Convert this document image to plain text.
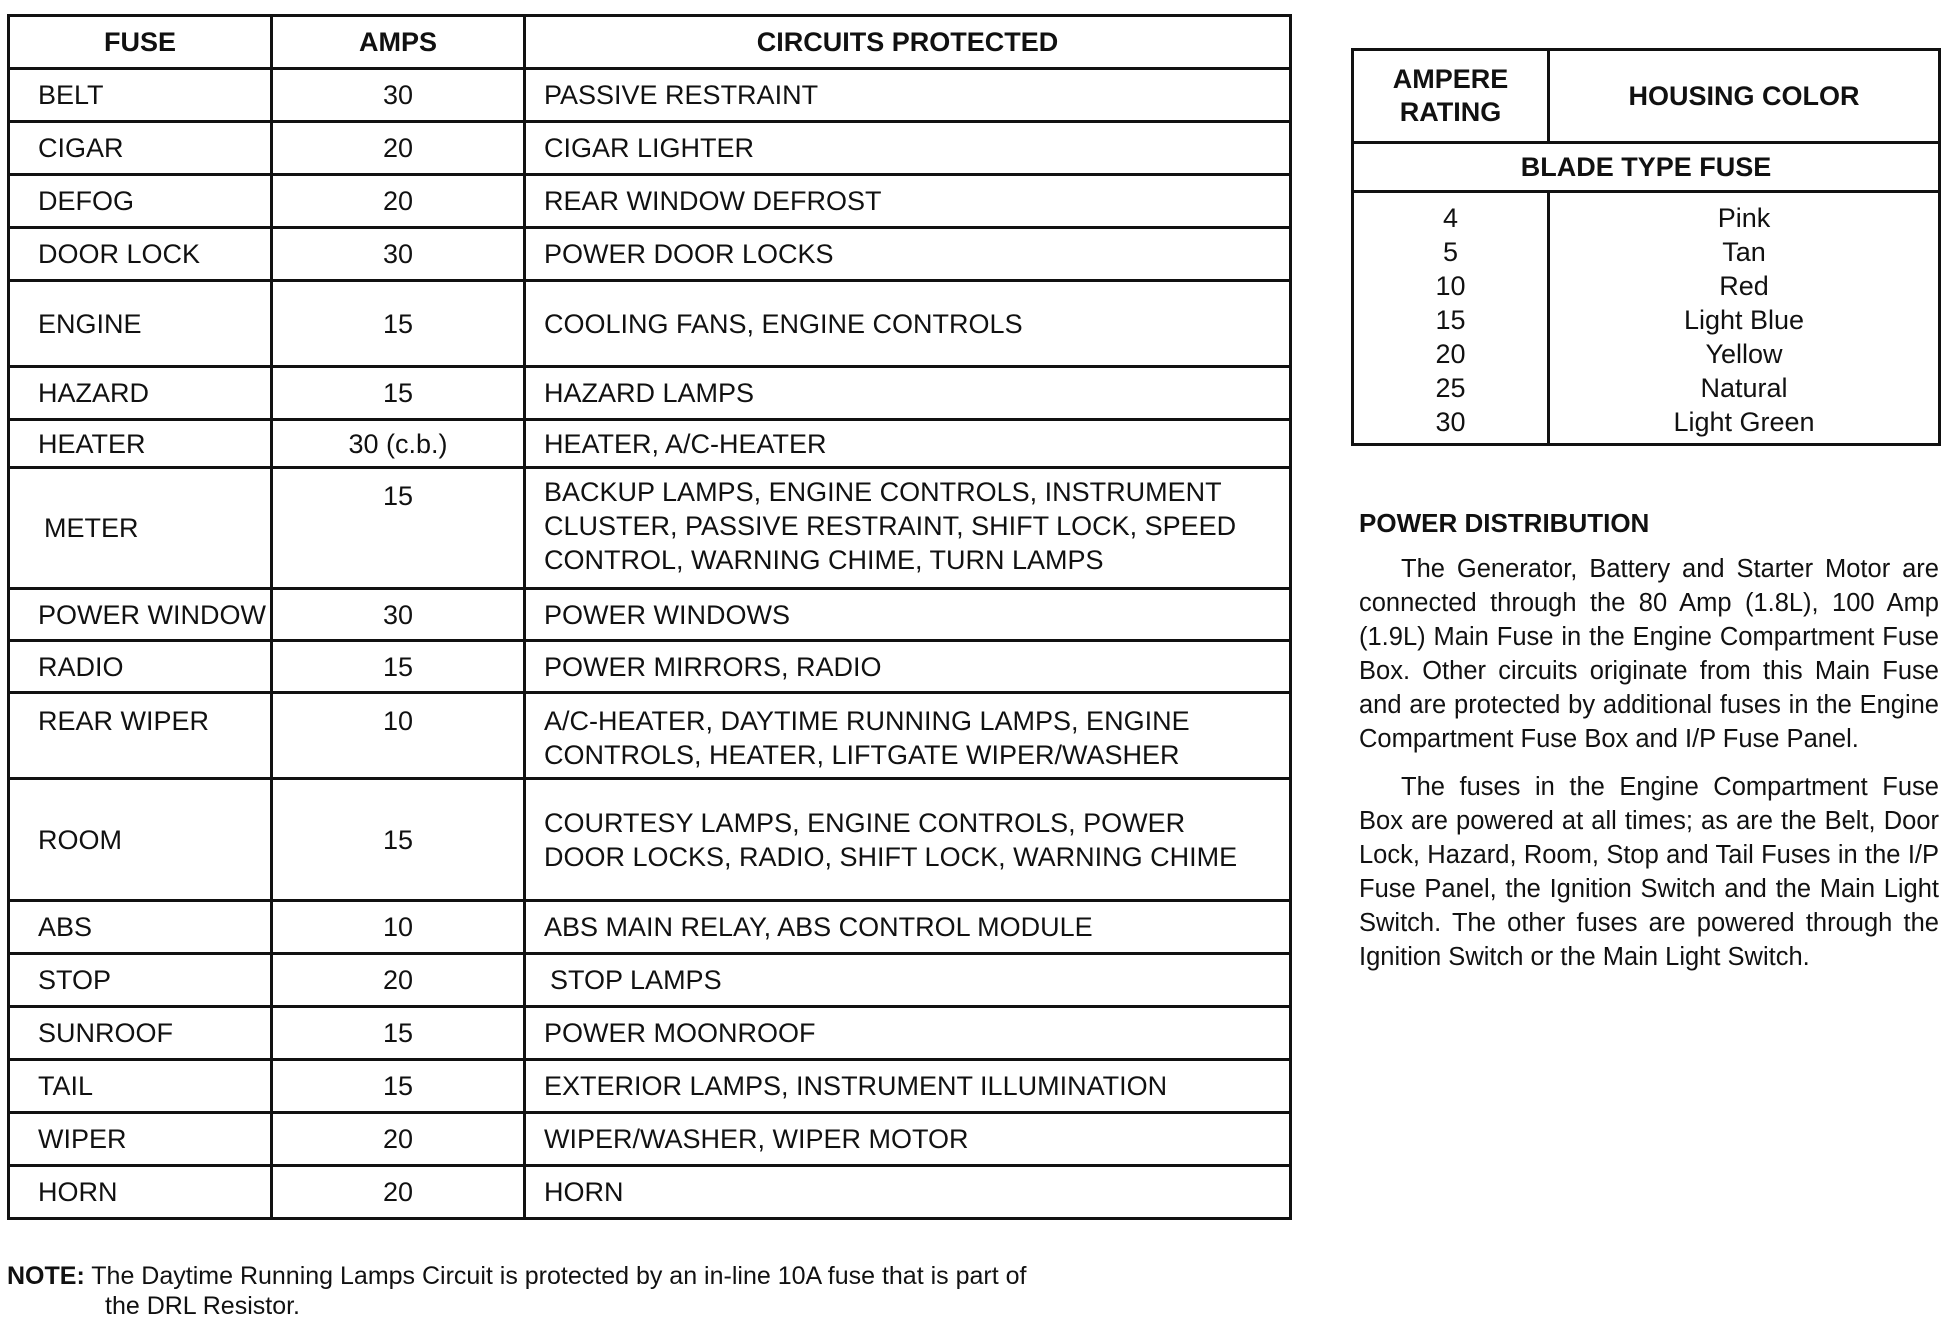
FUSE	AMPS	CIRCUITS PROTECTED
BELT	30	PASSIVE RESTRAINT
CIGAR	20	CIGAR LIGHTER
DEFOG	20	REAR WINDOW DEFROST
DOOR LOCK	30	POWER DOOR LOCKS
ENGINE	15	COOLING FANS, ENGINE CONTROLS
HAZARD	15	HAZARD LAMPS
HEATER	30 (c.b.)	HEATER, A/C-HEATER
METER	15	BACKUP LAMPS, ENGINE CONTROLS, INSTRUMENT CLUSTER, PASSIVE RESTRAINT, SHIFT LOCK, SPEED CONTROL, WARNING CHIME, TURN LAMPS
POWER WINDOW	30	POWER WINDOWS
RADIO	15	POWER MIRRORS, RADIO
REAR WIPER	10	A/C-HEATER, DAYTIME RUNNING LAMPS, ENGINE CONTROLS, HEATER, LIFTGATE WIPER/WASHER
ROOM	15	COURTESY LAMPS, ENGINE CONTROLS, POWER DOOR LOCKS, RADIO, SHIFT LOCK, WARNING CHIME
ABS	10	ABS MAIN RELAY, ABS CONTROL MODULE
STOP	20	STOP LAMPS
SUNROOF	15	POWER MOONROOF
TAIL	15	EXTERIOR LAMPS, INSTRUMENT ILLUMINATION
WIPER	20	WIPER/WASHER, WIPER MOTOR
HORN	20	HORN
AMPERE RATING	HOUSING COLOR
BLADE TYPE FUSE	
4	Pink
5	Tan
10	Red
15	Light Blue
20	Yellow
25	Natural
30	Light Green
POWER DISTRIBUTION

The Generator, Battery and Starter Motor are connected through the 80 Amp (1.8L), 100 Amp (1.9L) Main Fuse in the Engine Compartment Fuse Box. Other circuits originate from this Main Fuse and are protected by additional fuses in the Engine Compartment Fuse Box and I/P Fuse Panel.

The fuses in the Engine Compartment Fuse Box are powered at all times; as are the Belt, Door Lock, Hazard, Room, Stop and Tail Fuses in the I/P Fuse Panel, the Ignition Switch and the Main Light Switch. The other fuses are powered through the Ignition Switch or the Main Light Switch.

NOTE: The Daytime Running Lamps Circuit is protected by an in-line 10A fuse that is part of
the DRL Resistor.
